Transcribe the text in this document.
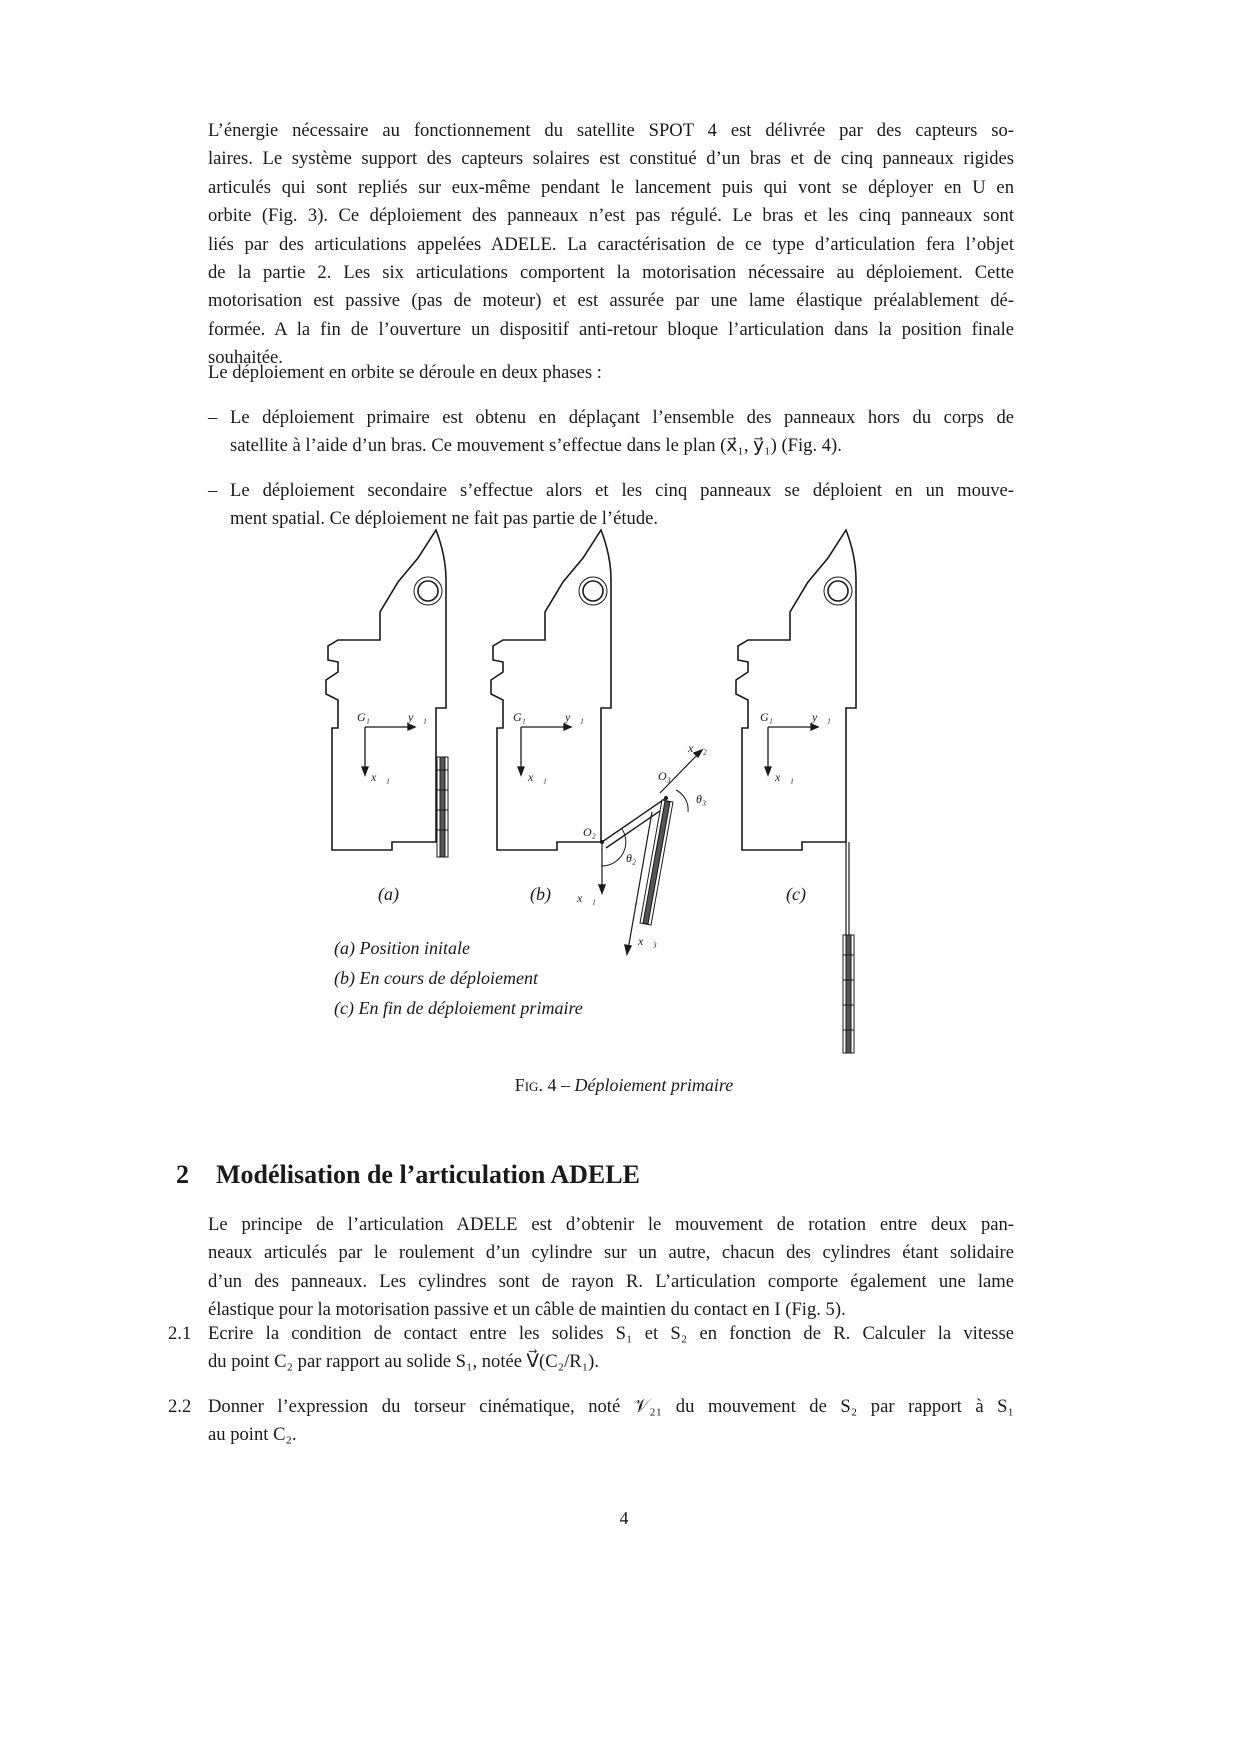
L’énergie nécessaire au fonctionnement du satellite SPOT 4 est délivrée par des capteurs so-
laires. Le système support des capteurs solaires est constitué d’un bras et de cinq panneaux rigides
articulés qui sont repliés sur eux-même pendant le lancement puis qui vont se déployer en U en
orbite (Fig. 3). Ce déploiement des panneaux n’est pas régulé. Le bras et les cinq panneaux sont
liés par des articulations appelées ADELE. La caractérisation de ce type d’articulation fera l’objet
de la partie 2. Les six articulations comportent la motorisation nécessaire au déploiement. Cette
motorisation est passive (pas de moteur) et est assurée par une lame élastique préalablement dé-
formée. A la fin de l’ouverture un dispositif anti-retour bloque l’articulation dans la position finale
souhaitée.
Le déploiement en orbite se déroule en deux phases :
– Le déploiement primaire est obtenu en déplaçant l’ensemble des panneaux hors du corps de
satellite à l’aide d’un bras. Ce mouvement s’effectue dans le plan (x⃗₁, y⃗₁) (Fig. 4).
– Le déploiement secondaire s’effectue alors et les cinq panneaux se déploient en un mouve-
ment spatial. Ce déploiement ne fait pas partie de l’étude.
G₁	y⃗₁
x⃗₁
G₁	y⃗₁
x⃗₁
G₁	y⃗₁
x⃗₁
x⃗₂
x⃗₃
x⃗₁
O₂
O₃
θ₂
θ₃
(a)	(b)	(c)
(a) Position initale
(b) En cours de déploiement
(c) En fin de déploiement primaire
Fig. 4 – Déploiement primaire
2 Modélisation de l’articulation ADELE
Le principe de l’articulation ADELE est d’obtenir le mouvement de rotation entre deux pan-
neaux articulés par le roulement d’un cylindre sur un autre, chacun des cylindres étant solidaire
d’un des panneaux. Les cylindres sont de rayon R. L’articulation comporte également une lame
élastique pour la motorisation passive et un câble de maintien du contact en I (Fig. 5).
2.1 Ecrire la condition de contact entre les solides S₁ et S₂ en fonction de R. Calculer la vitesse
du point C₂ par rapport au solide S₁, notée V⃗(C₂/R₁).
2.2 Donner l’expression du torseur cinématique, noté 𝒱₂₁ du mouvement de S₂ par rapport à S₁
au point C₂.
4
